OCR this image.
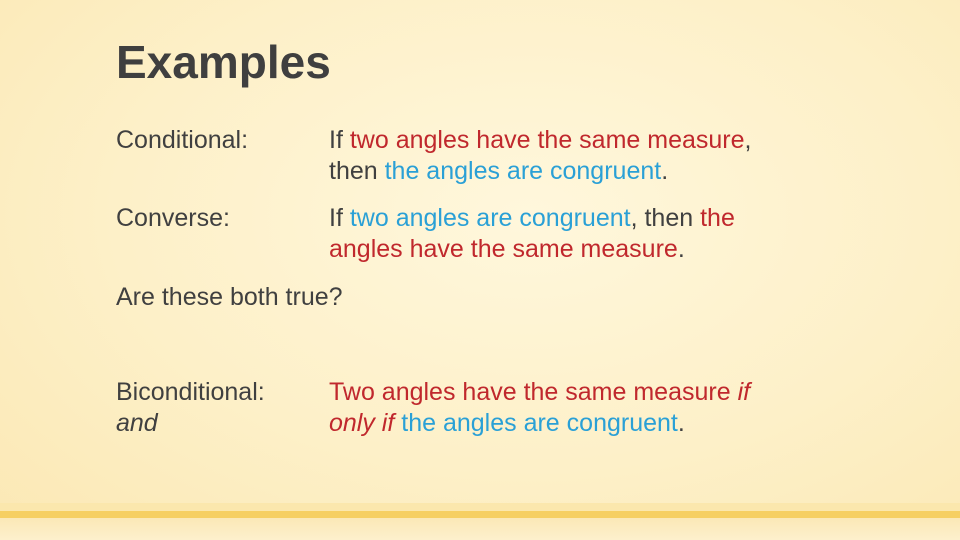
Examples
Conditional:	If two angles have the same measure,
then the angles are congruent.
Converse:	If two angles are congruent, then the
angles have the same measure.
Are these both true?
Biconditional:
and
Two angles have the same measure if
only if the angles are congruent.
